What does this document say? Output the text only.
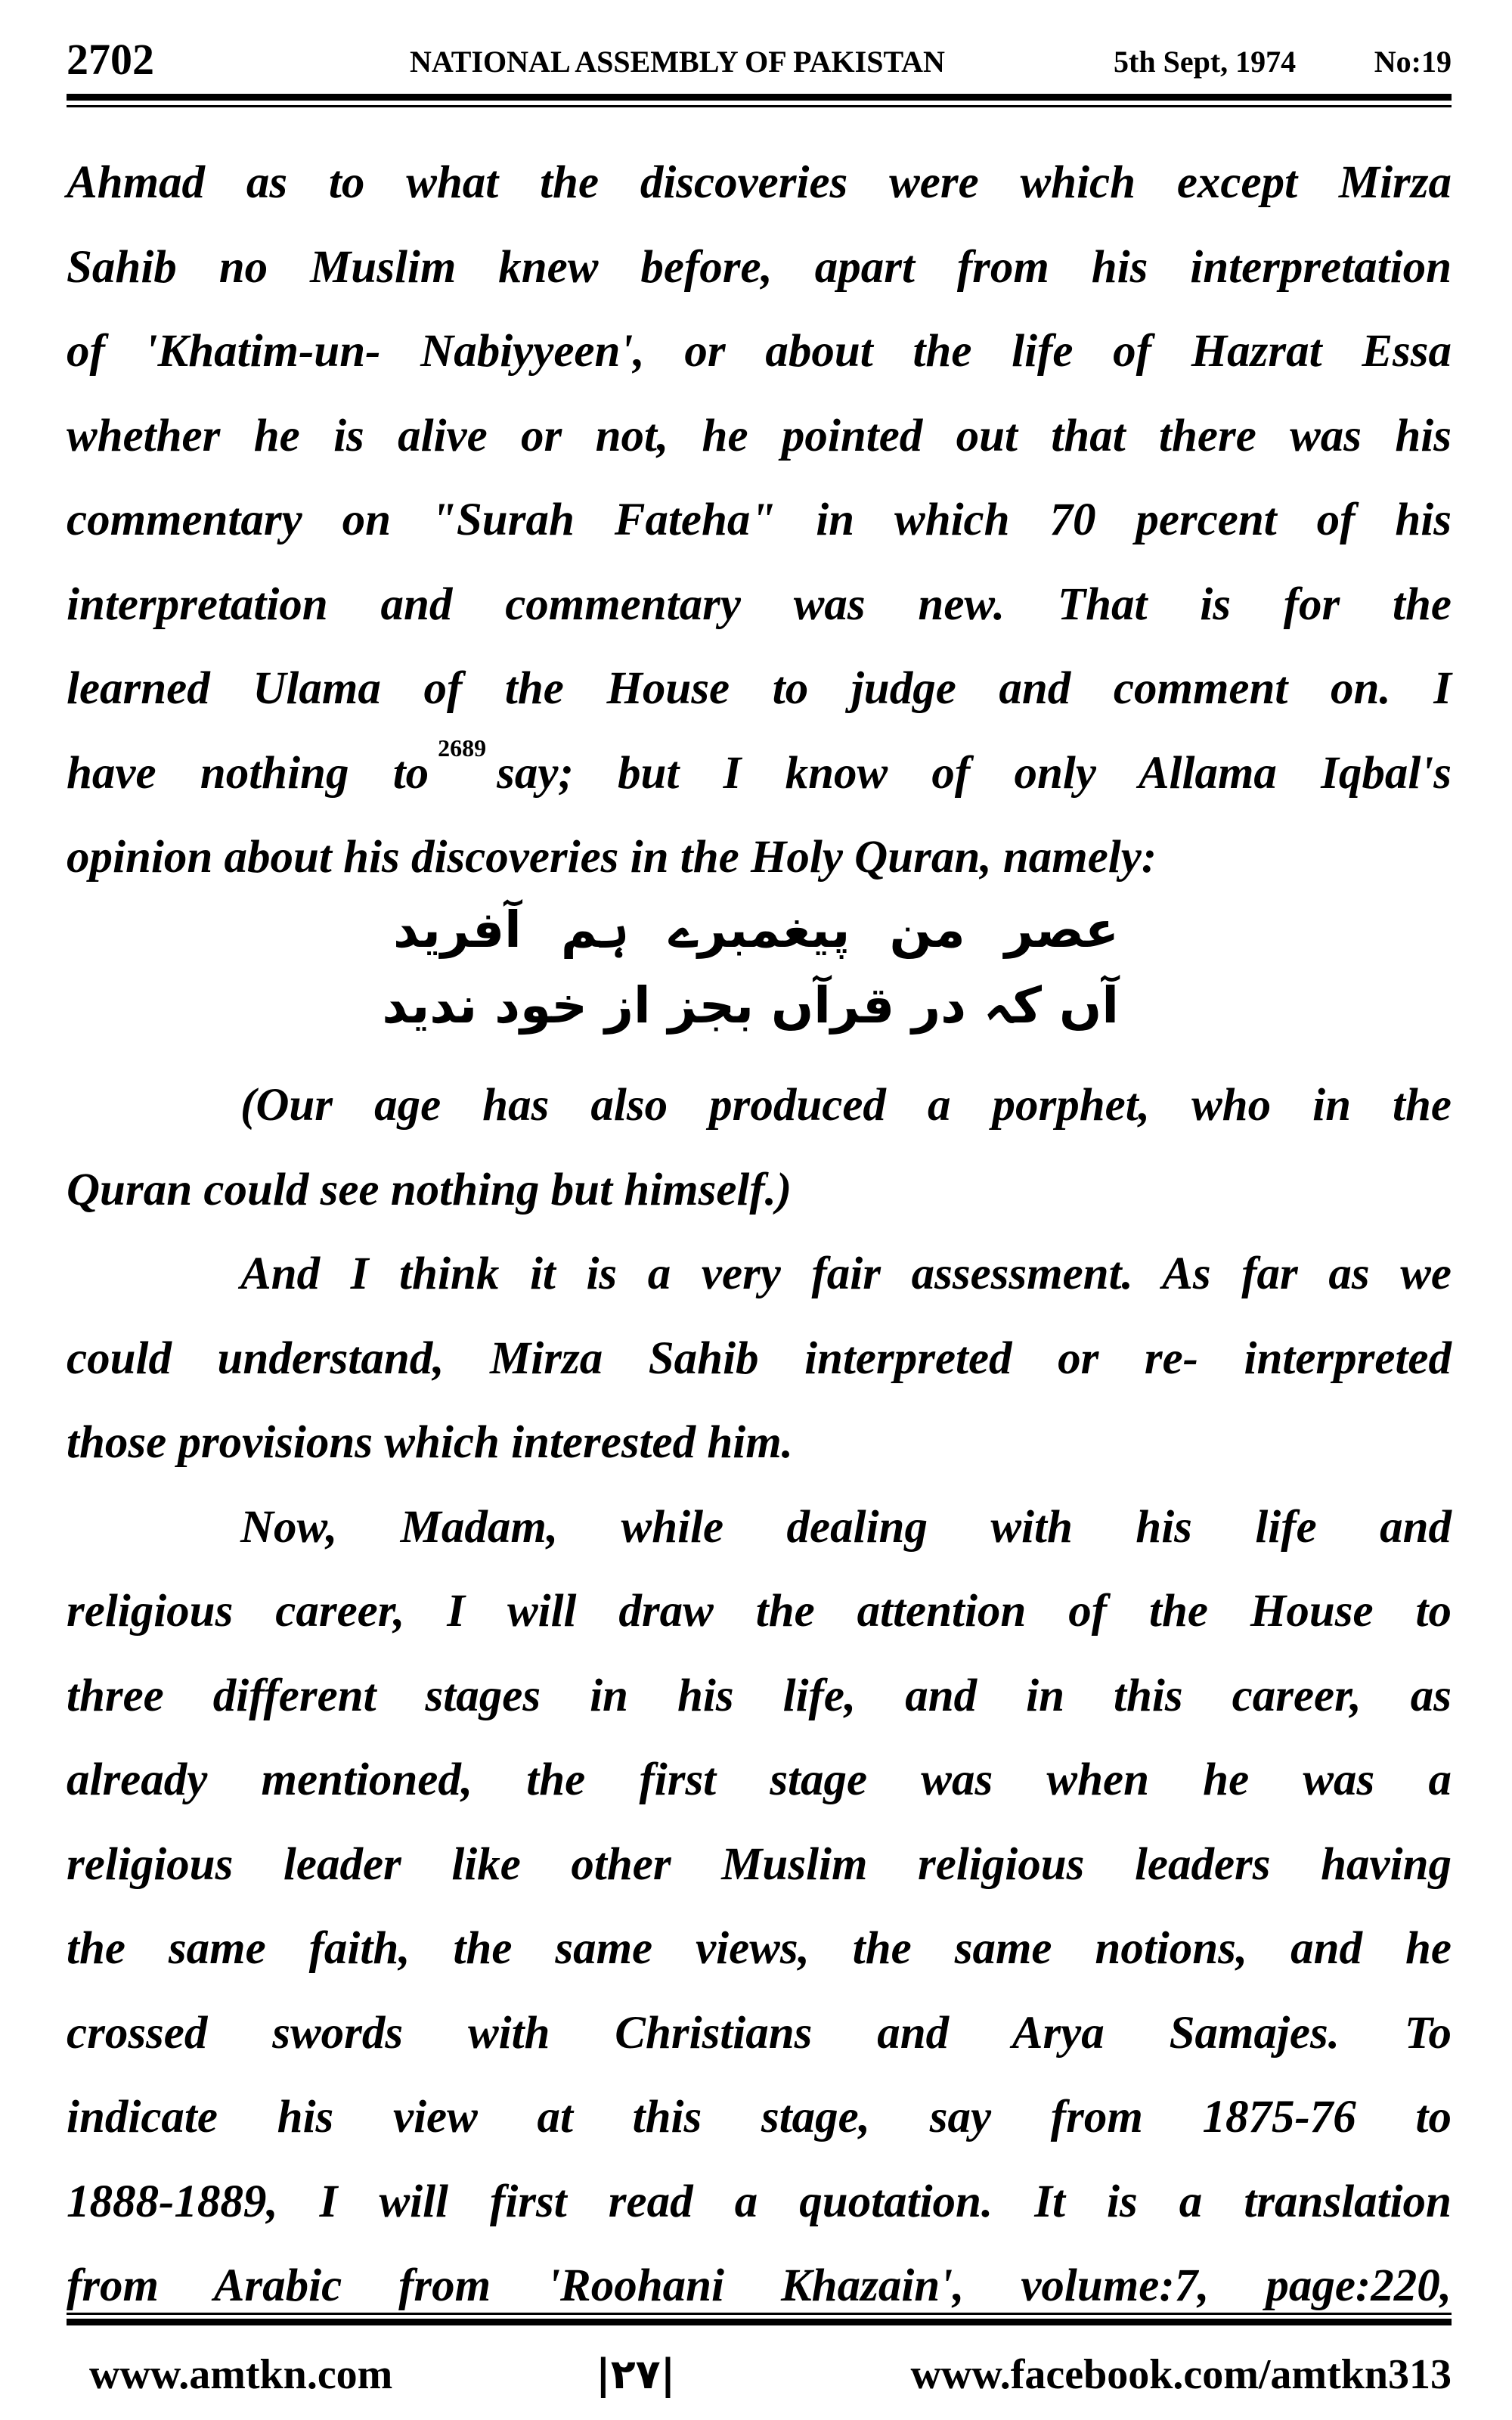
2702	NATIONAL ASSEMBLY OF PAKISTAN	5th Sept, 1974	No:19
Ahmad as to what the discoveries were which except Mirza
Sahib no Muslim knew before, apart from his interpretation
of 'Khatim-un- Nabiyyeen', or about the life of Hazrat Essa
whether he is alive or not, he pointed out that there was his
commentary on "Surah Fateha" in which 70 percent of his
interpretation and commentary was new. That is for the
learned Ulama of the House to judge and comment on. I
have nothing to 2689 say; but I know of only Allama Iqbal's
opinion about his discoveries in the Holy Quran, namely:
عصر من پیغمبرے ہم آفرید
آں کہ در قرآں بجز از خود ندید
(Our age has also produced a porphet, who in the
Quran could see nothing but himself.)
And I think it is a very fair assessment. As far as we
could understand, Mirza Sahib interpreted or re- interpreted
those provisions which interested him.
Now, Madam, while dealing with his life and
religious career, I will draw the attention of the House to
three different stages in his life, and in this career, as
already mentioned, the first stage was when he was a
religious leader like other Muslim religious leaders having
the same faith, the same views, the same notions, and he
crossed swords with Christians and Arya Samajes. To
indicate his view at this stage, say from 1875-76 to
1888-1889, I will first read a quotation. It is a translation
from Arabic from 'Roohani Khazain', volume:7, page:220,
www.amtkn.com	|۲۷|	www.facebook.com/amtkn313
